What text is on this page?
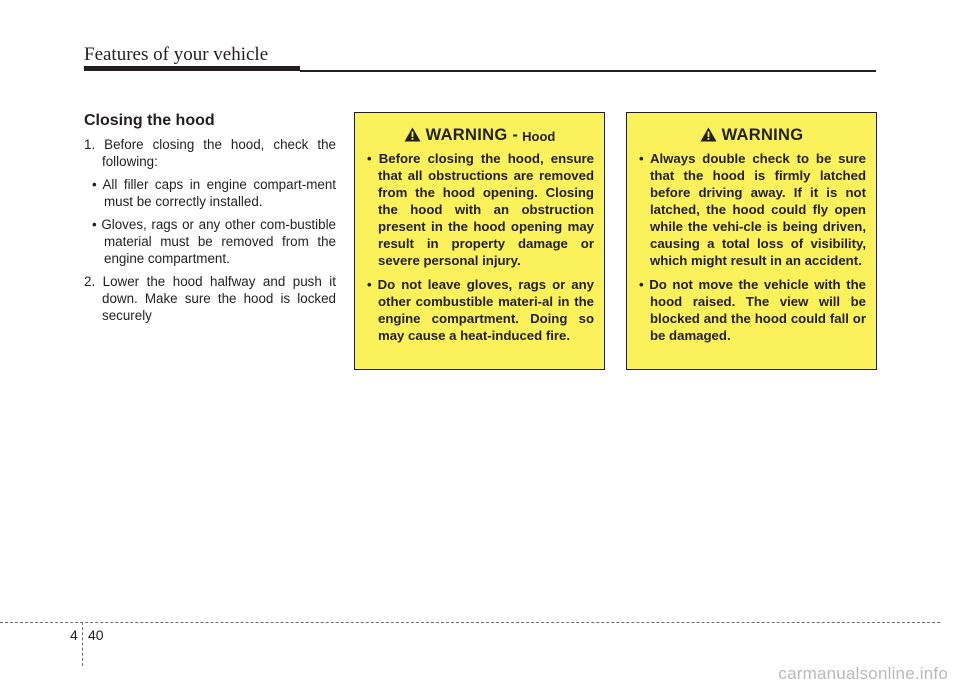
Features of your vehicle
Closing the hood
1. Before closing the hood, check the following:
• All filler caps in engine compart-ment must be correctly installed.
• Gloves, rags or any other com-bustible material must be removed from the engine compartment.
2. Lower the hood halfway and push it down. Make sure the hood is locked securely
WARNING - Hood
• Before closing the hood, ensure that all obstructions are removed from the hood opening. Closing the hood with an obstruction present in the hood opening may result in property damage or severe personal injury.
• Do not leave gloves, rags or any other combustible materi-al in the engine compartment. Doing so may cause a heat-induced fire.
WARNING
• Always double check to be sure that the hood is firmly latched before driving away. If it is not latched, the hood could fly open while the vehi-cle is being driven, causing a total loss of visibility, which might result in an accident.
• Do not move the vehicle with the hood raised. The view will be blocked and the hood could fall or be damaged.
4 40
carmanualsonline.info
